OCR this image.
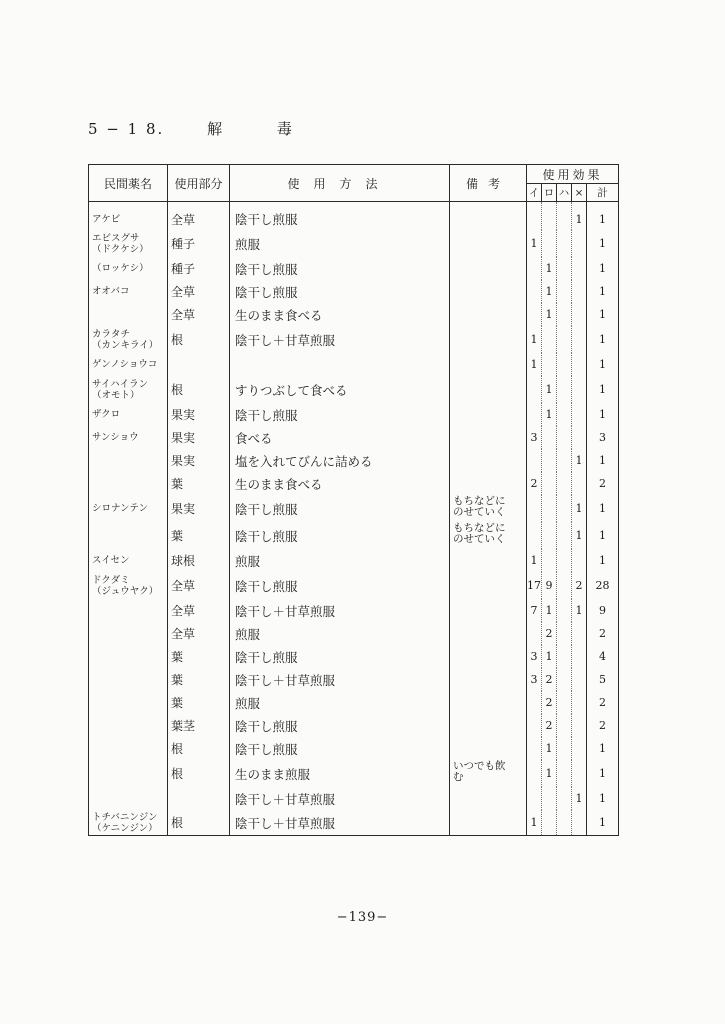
5 − 1 8.	解	毒
民間薬名	使用部分	使用方法	備考	使用効果				
				イ	ロ	ハ	×	計
アケビ	全草	陰干し煎服					1	1
エビスグサ
（ドクケシ）	種子	煎服		1				1
（ロッケシ）	種子	陰干し煎服			1			1
オオバコ	全草	陰干し煎服			1			1
	全草	生のまま食べる			1			1
カラタチ
（カンキライ）	根	陰干し＋甘草煎服		1				1
ゲンノショウコ				1				1
サイハイラン
（オモト）	根	すりつぶして食べる			1			1
ザクロ	果実	陰干し煎服			1			1
サンショウ	果実	食べる		3				3
	果実	塩を入れてびんに詰める					1	1
	葉	生のまま食べる		2				2
シロナンテン	果実	陰干し煎服	もちなどに
のせていく				1	1
	葉	陰干し煎服	もちなどに
のせていく				1	1
スイセン	球根	煎服		1				1
ドクダミ
（ジュウヤク）	全草	陰干し煎服		17	9		2	28
	全草	陰干し＋甘草煎服		7	1		1	9
	全草	煎服			2			2
	葉	陰干し煎服		3	1			4
	葉	陰干し＋甘草煎服		3	2			5
	葉	煎服			2			2
	葉茎	陰干し煎服			2			2
	根	陰干し煎服			1			1
	根	生のまま煎服	いつでも飲
む		1			1
		陰干し＋甘草煎服					1	1
トチバニンジン
（ケニンジン）	根	陰干し＋甘草煎服		1				1
−139−
